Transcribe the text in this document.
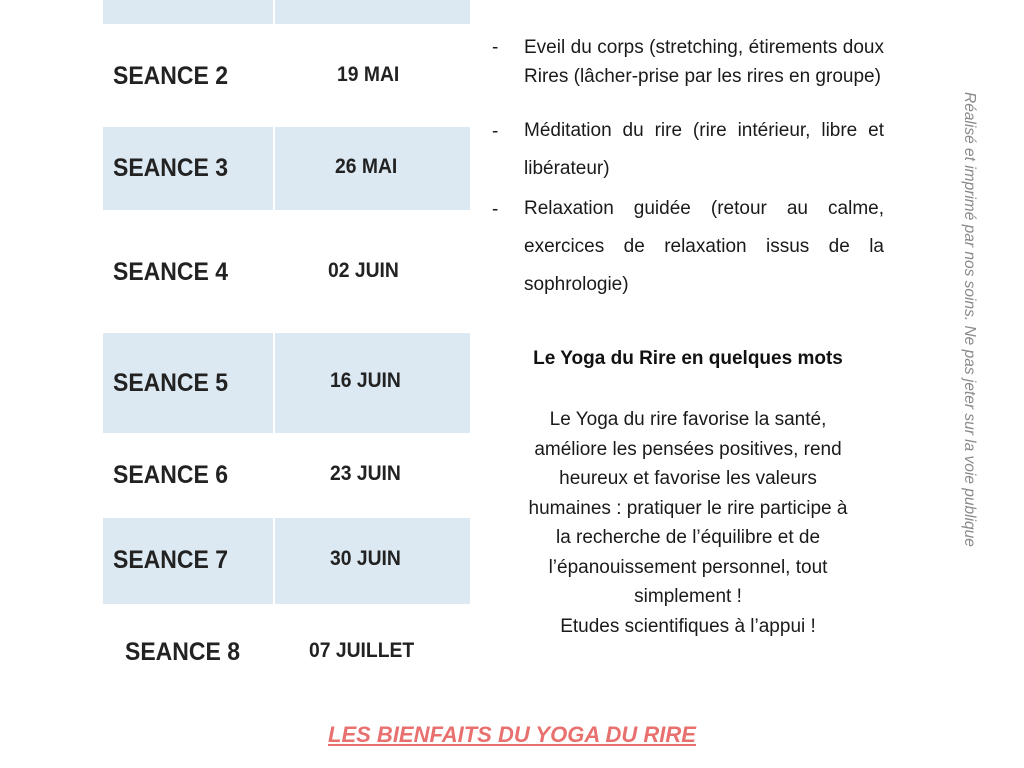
SEANCE 2	19 MAI
SEANCE 3	26 MAI
SEANCE 4	02 JUIN
SEANCE 5	16 JUIN
SEANCE 6	23 JUIN
SEANCE 7	30 JUIN
SEANCE 8	07 JUILLET
- Eveil du corps (stretching, étirements doux Rires (lâcher-prise par les rires en groupe)
- Méditation du rire (rire intérieur, libre et libérateur)
- Relaxation guidée (retour au calme, exercices de relaxation issus de la sophrologie)
Le Yoga du Rire en quelques mots
Le Yoga du rire favorise la santé,
améliore les pensées positives, rend
heureux et favorise les valeurs
humaines : pratiquer le rire participe à
la recherche de l’équilibre et de
l’épanouissement personnel, tout
simplement !
Etudes scientifiques à l’appui !
LES BIENFAITS DU YOGA DU RIRE
Réalisé et imprimé par nos soins. Ne pas jeter sur la voie publique
